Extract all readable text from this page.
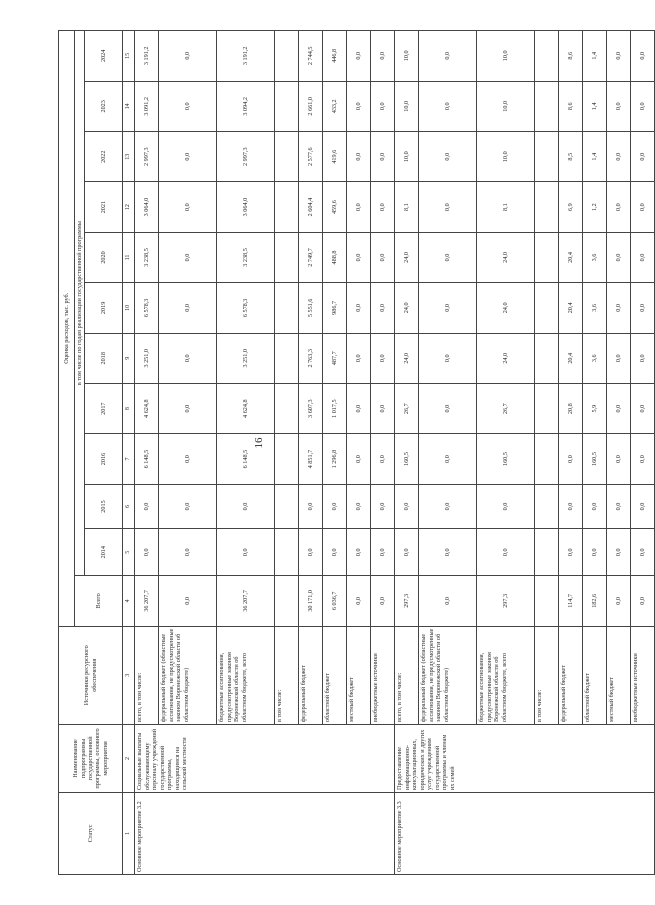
16
Статус	Наименование подпрограммы государственной программы, основного мероприятия	Источники ресурсного обеспечения	Оценка расходов, тыс. руб.											
			Всего	в том числе по годам реализации государственной программы										
				2014	2015	2016	2017	2018	2019	2020	2021	2022	2023	2024
1	2	3	4	5	6	7	8	9	10	11	12	13	14	15
Основное мероприятие 3.2	Социальные выплаты обслуживающему персоналу учреждений государственной программы, находящимся на сельской местности	всего, в том числе:	36 207,7	0,0	0,0	6 148,5	4 624,8	3 251,0	6 578,3	3 238,5	3 064,0	2 997,3	3 091,2	3 191,2
		федеральный бюджет (областные ассигнования, не предусмотренные законом Воронежской области об областном бюджете)	0,0	0,0	0,0	0,0	0,0	0,0	0,0	0,0	0,0	0,0	0,0	0,0
		бюджетные ассигнования, предусмотренные законом Воронежской области об областном бюджете, всего	36 207,7	0,0	0,0	6 148,5	4 624,8	3 251,0	6 578,3	3 238,5	3 064,0	2 997,3	3 094,2	3 191,2
		в том числе:												
		федеральный бюджет	30 171,0	0,0	0,0	4 851,7	3 607,3	2 763,3	5 551,6	2 749,7	2 604,4	2 577,6	2 661,0	2 744,5
		областной бюджет	6 036,7	0,0	0,0	1 296,8	1 017,5	487,7	986,7	488,8	459,6	419,6	433,2	446,8
		местный бюджет	0,0	0,0	0,0	0,0	0,0	0,0	0,0	0,0	0,0	0,0	0,0	0,0
		внебюджетные источники	0,0	0,0	0,0	0,0	0,0	0,0	0,0	0,0	0,0	0,0	0,0	0,0
Основное мероприятие 3.3	Предоставление информационно-консультационных, юридических и других услуг учреждениям государственной программы и членам их семей	всего, в том числе:	297,3	0,0	0,0	160,5	26,7	24,0	24,0	24,0	8,1	10,0	10,0	10,0
		федеральный бюджет (областные ассигнования, не предусмотренные законом Воронежской области об областном бюджете)	0,0	0,0	0,0	0,0	0,0	0,0	0,0	0,0	0,0	0,0	0,0	0,0
		бюджетные ассигнования, предусмотренные законом Воронежской области об областном бюджете, всего	297,3	0,0	0,0	160,5	26,7	24,0	24,0	24,0	8,1	10,0	10,0	10,0
		в том числе:												
		федеральный бюджет	114,7	0,0	0,0	0,0	20,8	20,4	20,4	20,4	6,9	8,5	8,6	8,6
		областной бюджет	182,6	0,0	0,0	160,5	5,9	3,6	3,6	3,6	1,2	1,4	1,4	1,4
		местный бюджет	0,0	0,0	0,0	0,0	0,0	0,0	0,0	0,0	0,0	0,0	0,0	0,0
		внебюджетные источники	0,0	0,0	0,0	0,0	0,0	0,0	0,0	0,0	0,0	0,0	0,0	0,0
